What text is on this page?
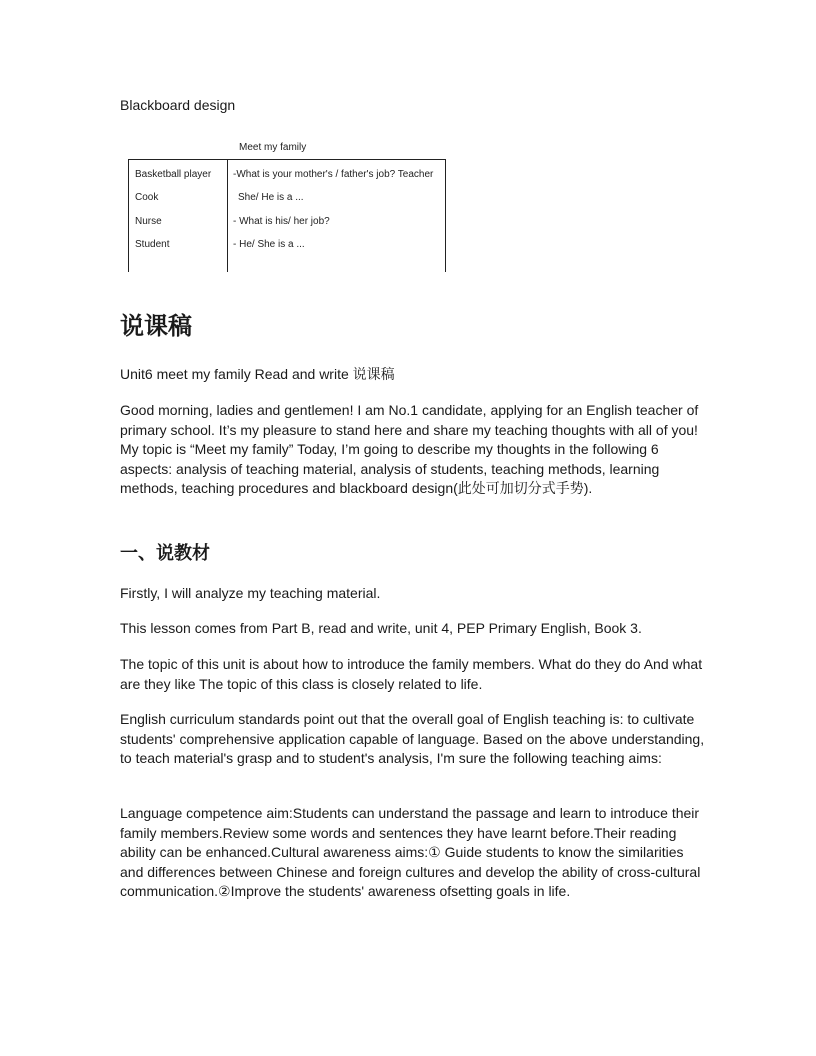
Blackboard design
Meet my family
Basketball player
Cook
Nurse
Student
-What is your mother's / father's job? Teacher
She/ He is a ...
- What is his/ her job?
- He/ She is a ...
说课稿

Unit6 meet my family Read and write 说课稿

Good morning, ladies and gentlemen! I am No.1 candidate, applying for an English teacher of primary school. It’s my pleasure to stand here and share my teaching thoughts with all of you! My topic is “Meet my family” Today, I’m going to describe my thoughts in the following 6 aspects: analysis of teaching material, analysis of students, teaching methods, learning methods, teaching procedures and blackboard design(此处可加切分式手势).

一、说教材

Firstly, I will analyze my teaching material.

This lesson comes from Part B, read and write, unit 4, PEP Primary English, Book 3.

The topic of this unit is about how to introduce the family members. What do they do And what are they like The topic of this class is closely related to life.

English curriculum standards point out that the overall goal of English teaching is: to cultivate students' comprehensive application capable of language. Based on the above understanding, to teach material's grasp and to student's analysis, I'm sure the following teaching aims:

Language competence aim:Students can understand the passage and learn to introduce their family members.Review some words and sentences they have learnt before.Their reading ability can be enhanced.Cultural awareness aims:① Guide students to know the similarities and differences between Chinese and foreign cultures and develop the ability of cross-cultural communication.②Improve the students' awareness ofsetting goals in life.
